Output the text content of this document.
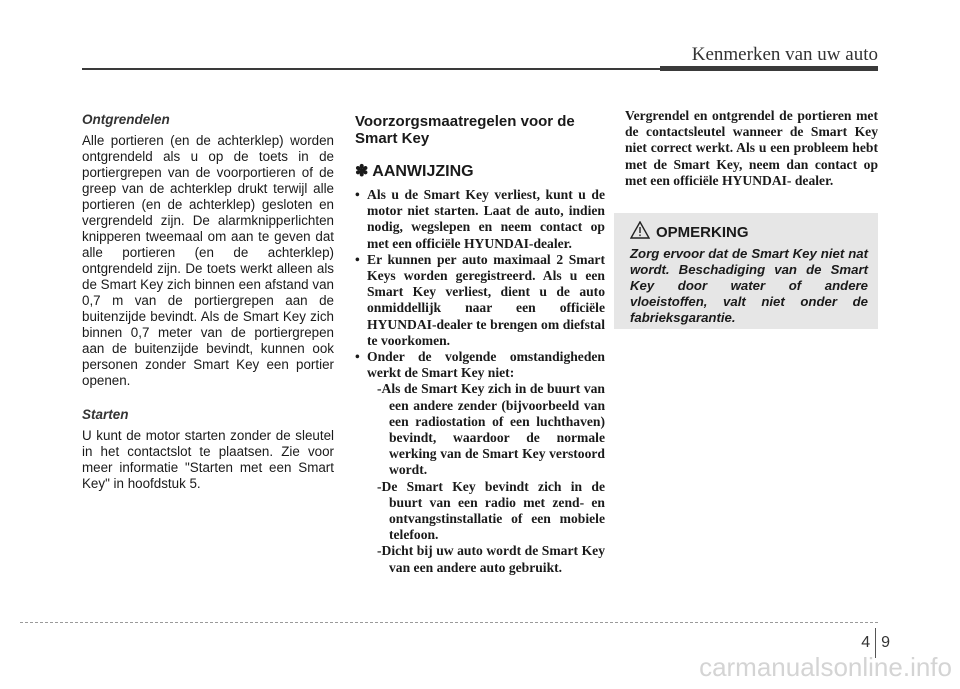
Kenmerken van uw auto
Ontgrendelen

Alle portieren (en de achterklep) worden ontgrendeld als u op de toets in de portiergrepen van de voorportieren of de greep van de achterklep drukt terwijl alle portieren (en de achterklep) gesloten en vergrendeld zijn. De alarmknipperlichten knipperen tweemaal om aan te geven dat alle portieren (en de achterklep) ontgrendeld zijn. De toets werkt alleen als de Smart Key zich binnen een afstand van 0,7 m van de portiergrepen aan de buitenzijde bevindt. Als de Smart Key zich binnen 0,7 meter van de portiergrepen aan de buitenzijde bevindt, kunnen ook personen zonder Smart Key een portier openen.

Starten

U kunt de motor starten zonder de sleutel in het contactslot te plaatsen. Zie voor meer informatie "Starten met een Smart Key" in hoofdstuk 5.

Voorzorgsmaatregelen voor de Smart Key
✽ AANWIJZING
• Als u de Smart Key verliest, kunt u de motor niet starten. Laat de auto, indien nodig, wegslepen en neem contact op met een officiële HYUNDAI-dealer.
• Er kunnen per auto maximaal 2 Smart Keys worden geregistreerd. Als u een Smart Key verliest, dient u de auto onmiddellijk naar een officiële HYUNDAI-dealer te brengen om diefstal te voorkomen.
• Onder de volgende omstandigheden werkt de Smart Key niet:
-Als de Smart Key zich in de buurt van een andere zender (bijvoorbeeld van een radiostation of een luchthaven) bevindt, waardoor de normale werking van de Smart Key verstoord wordt.
-De Smart Key bevindt zich in de buurt van een radio met zend- en ontvangstinstallatie of een mobiele telefoon.
-Dicht bij uw auto wordt de Smart Key van een andere auto gebruikt.

Vergrendel en ontgrendel de portieren met de contactsleutel wanneer de Smart Key niet correct werkt. Als u een probleem hebt met de Smart Key, neem dan contact op met een officiële HYUNDAI- dealer.

OPMERKING
Zorg ervoor dat de Smart Key niet nat wordt. Beschadiging van de Smart Key door water of andere vloeistoffen, valt niet onder de fabrieksgarantie.
4 9
carmanualsonline.info
